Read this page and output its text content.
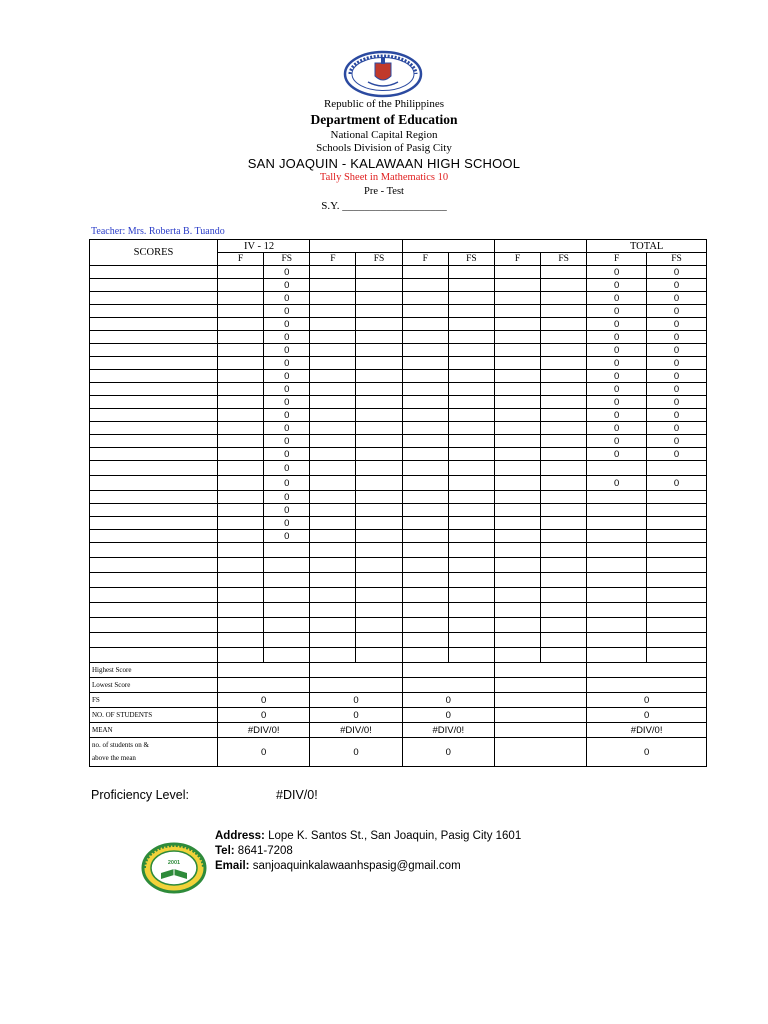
Republic of the Philippines
Department of Education
National Capital Region
Schools Division of Pasig City
SAN JOAQUIN - KALAWAAN HIGH SCHOOL
Tally Sheet in Mathematics 10
Pre - Test
S.Y. ___________________
Teacher: Mrs. Roberta B. Tuando
SCORES	IV - 12								TOTAL	
	F	FS	F	FS	F	FS	F	FS	F	FS
		0							0	0
		0							0	0
		0							0	0
		0							0	0
		0							0	0
		0							0	0
		0							0	0
		0							0	0
		0							0	0
		0							0	0
		0							0	0
		0							0	0
		0							0	0
		0							0	0
		0							0	0
		0								
		0							0	0
		0								
		0								
		0								
		0								

Highest Score										
Lowest Score										
FS	0		0		0				0	
NO. OF STUDENTS	0		0		0				0	
MEAN	#DIV/0!		#DIV/0!		#DIV/0!				#DIV/0!	
no. of students on &
above the mean	0		0		0				0	
Proficiency Level:	#DIV/0!
2001
Address: Lope K. Santos St., San Joaquin, Pasig City 1601
Tel: 8641-7208
Email: sanjoaquinkalawaanhspasig@gmail.com
